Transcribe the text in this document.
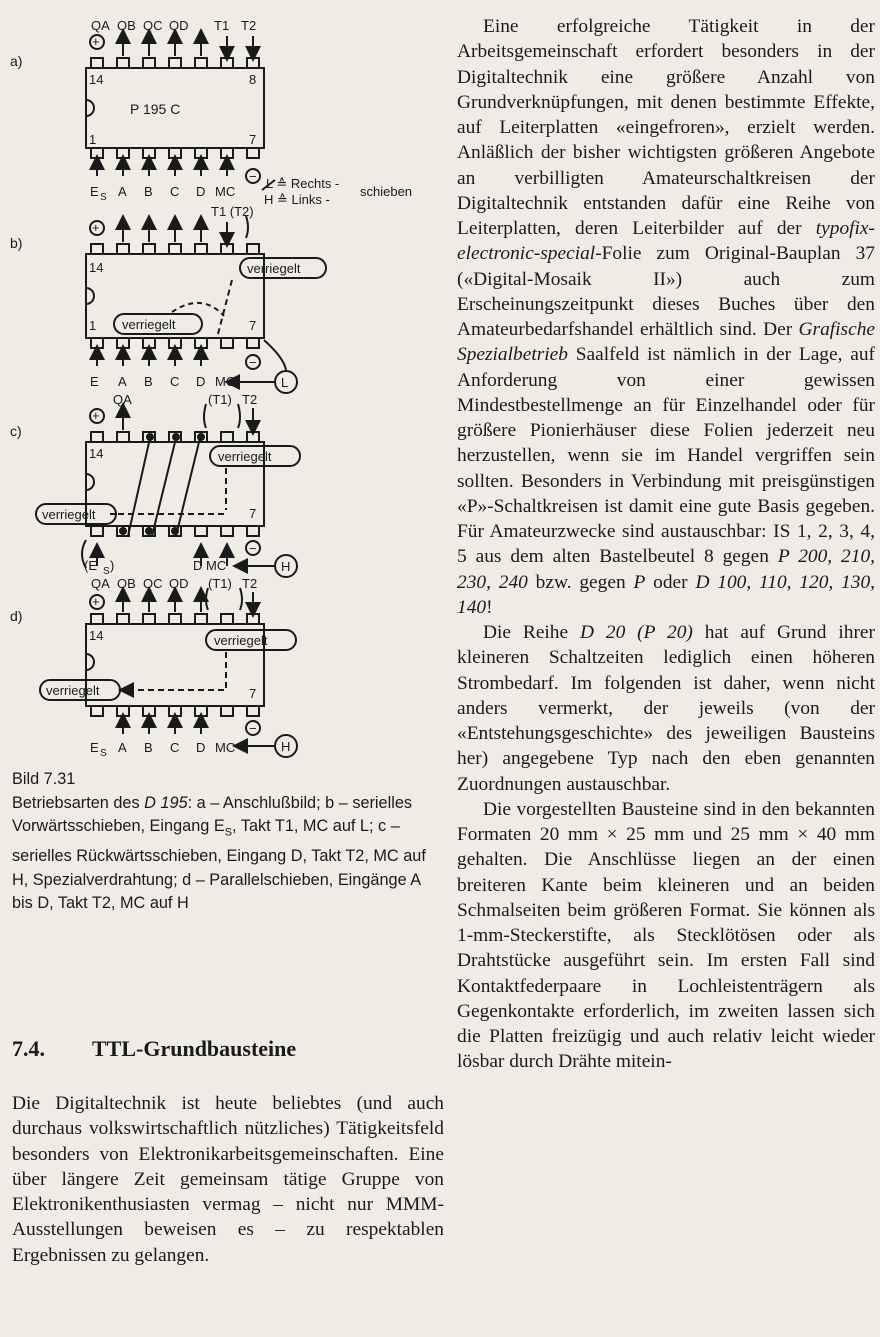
a)
QA QB QC QD T1 T2
+
14	8
1	7
P 195 C
−
E S A B C D MC
L ≙ Rechts -
H ≙ Links -
schieben
b)
T1 (T2)
+
14
1	7
verriegelt
verriegelt
−
E A B C D MC	L
c)
QA	(T1) T2
+
14
7
verriegelt
verriegelt
−
(E S )	D MC	H
d)
QA QB QC QD (T1) T2
+
14
7
verriegelt
verriegelt
−
E S A B C D MC	H
Bild 7.31
Betriebsarten des D 195: a – Anschlußbild; b – serielles Vorwärtsschieben, Eingang $E_S$, Takt T1, MC auf L; c – serielles Rückwärtsschieben, Eingang D, Takt T2, MC auf H, Spezialverdrahtung; d – Parallelschieben, Eingänge A bis D, Takt T2, MC auf H
7.4. TTL-Grundbausteine

Die Digitaltechnik ist heute beliebtes (und auch durchaus volkswirtschaftlich nützliches) Tätigkeitsfeld besonders von Elektronikarbeitsgemeinschaften. Eine über längere Zeit gemeinsam tätige Gruppe von Elektronikenthusiasten vermag – nicht nur MMM-Ausstellungen beweisen es – zu respektablen Ergebnissen zu gelangen.

Eine erfolgreiche Tätigkeit in der Arbeitsgemeinschaft erfordert besonders in der Digitaltechnik eine größere Anzahl von Grundverknüpfungen, mit denen bestimmte Effekte, auf Leiterplatten «eingefroren», erzielt werden. Anläßlich der bisher wichtigsten größeren Angebote an verbilligten Amateurschaltkreisen der Digitaltechnik entstanden dafür eine Reihe von Leiterplatten, deren Leiterbilder auf der typofix-electronic-special-Folie zum Original-Bauplan 37 («Digital-Mosaik II») auch zum Erscheinungszeitpunkt dieses Buches über den Amateurbedarfshandel erhältlich sind. Der Grafische Spezialbetrieb Saalfeld ist nämlich in der Lage, auf Anforderung von einer gewissen Mindestbestellmenge an für Einzelhandel oder für größere Pionierhäuser diese Folien jederzeit neu herzustellen, wenn sie im Handel vergriffen sein sollten. Besonders in Verbindung mit preisgünstigen «P»-Schaltkreisen ist damit eine gute Basis gegeben. Für Amateurzwecke sind austauschbar: IS 1, 2, 3, 4, 5 aus dem alten Bastelbeutel 8 gegen P 200, 210, 230, 240 bzw. gegen P oder D 100, 110, 120, 130, 140!

Die Reihe D 20 (P 20) hat auf Grund ihrer kleineren Schaltzeiten lediglich einen höheren Strombedarf. Im folgenden ist daher, wenn nicht anders vermerkt, der jeweils (von der «Entstehungsgeschichte» des jeweiligen Bausteins her) angegebene Typ nach den eben genannten Zuordnungen austauschbar.

Die vorgestellten Bausteine sind in den bekannten Formaten 20 mm × 25 mm und 25 mm × 40 mm gehalten. Die Anschlüsse liegen an der einen breiteren Kante beim kleineren und an beiden Schmalseiten beim größeren Format. Sie können als 1-mm-Steckerstifte, als Stecklötösen oder als Drahtstücke ausgeführt sein. Im ersten Fall sind Kontaktfederpaare in Lochleistenträgern als Gegenkontakte erforderlich, im zweiten lassen sich die Platten freizügig und auch relativ leicht wieder lösbar durch Drähte mitein-
